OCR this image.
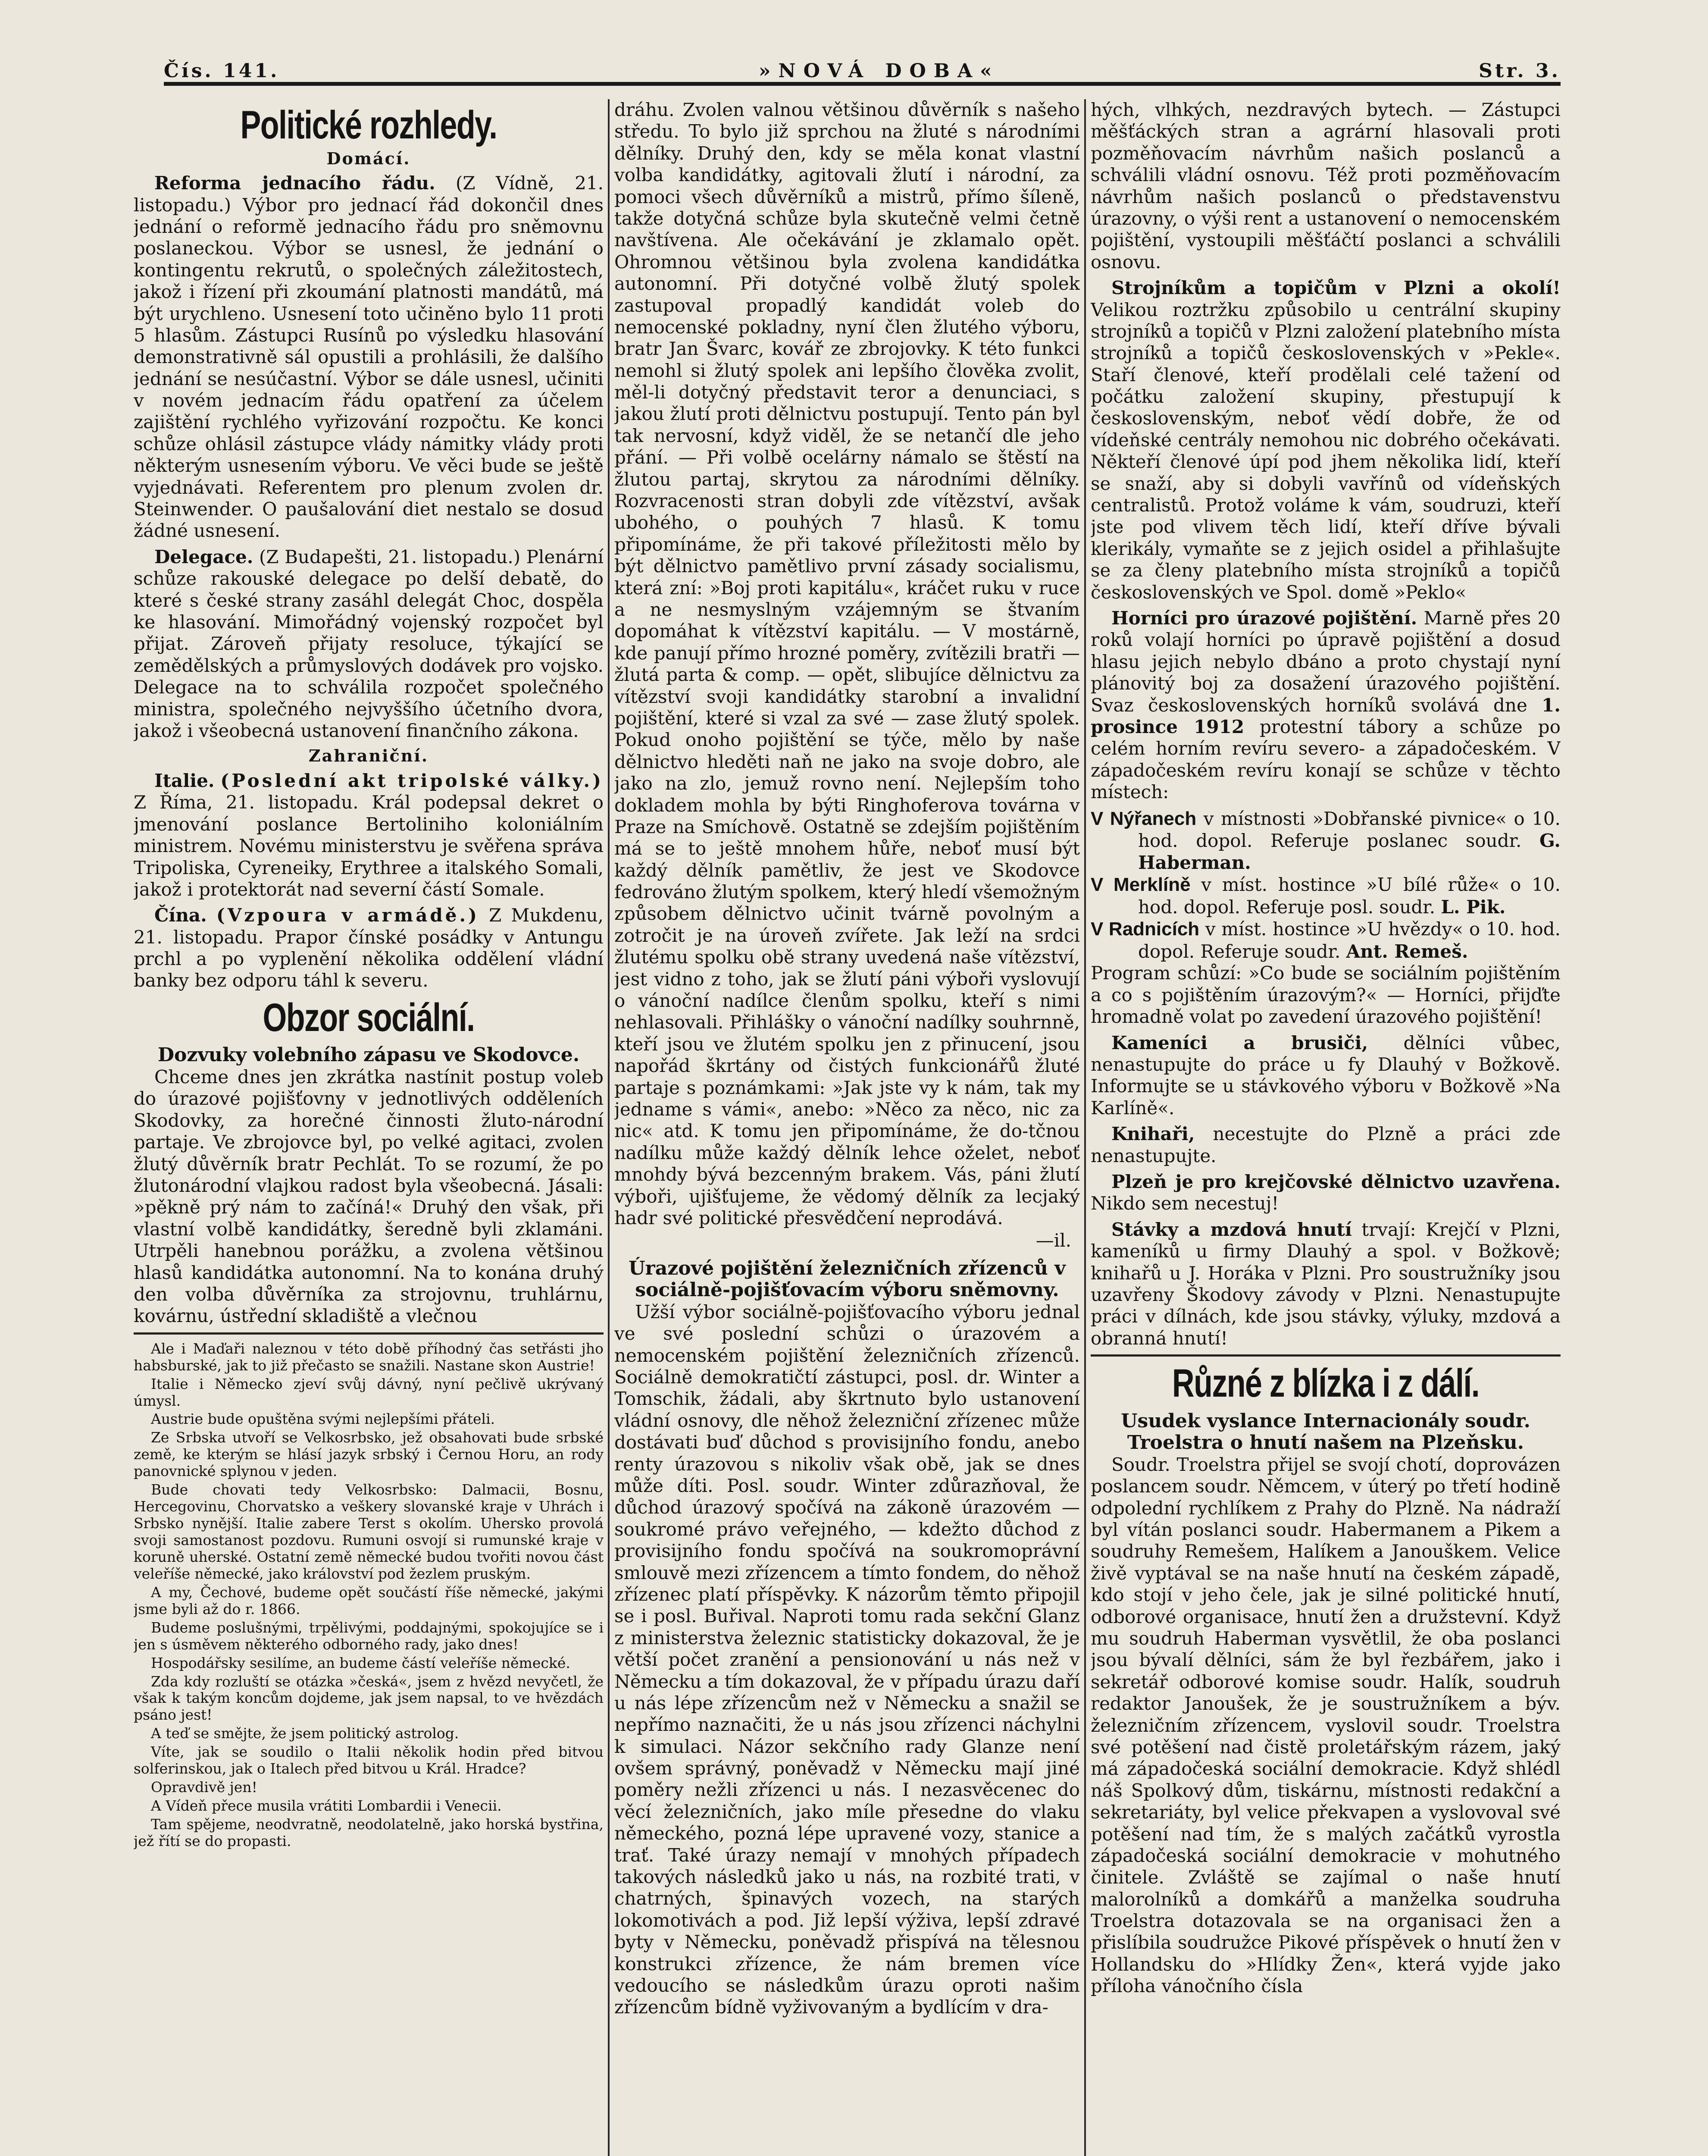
Čís. 141.	»NOVÁ DOBA«	Str. 3.
Politické rozhledy.
Domácí.

Reforma jednacího řádu. (Z Vídně, 21. listopadu.) Výbor pro jednací řád dokončil dnes jednání o reformě jednacího řádu pro sněmovnu poslaneckou. Výbor se usnesl, že jednání o kontingentu rekrutů, o společných záležitostech, jakož i řízení při zkoumání platnosti mandátů, má být urychleno. Usnesení toto učiněno bylo 11 proti 5 hlasům. Zástupci Rusínů po výsledku hlasování demonstrativně sál opustili a prohlásili, že dalšího jednání se nesúčastní. Výbor se dále usnesl, učiniti v novém jednacím řádu opatření za účelem zajištění rychlého vyřizování rozpočtu. Ke konci schůze ohlásil zástupce vlády námitky vlády proti některým usnesením výboru. Ve věci bude se ještě vyjednávati. Referentem pro plenum zvolen dr. Steinwender. O paušalování diet nestalo se dosud žádné usnesení.

Delegace. (Z Budapešti, 21. listopadu.) Plenární schůze rakouské delegace po delší debatě, do které s české strany zasáhl delegát Choc, dospěla ke hlasování. Mimořádný vojenský rozpočet byl přijat. Zároveň přijaty resoluce, týkající se zemědělských a průmyslových dodávek pro vojsko. Delegace na to schválila rozpočet společného ministra, společného nejvyššího účetního dvora, jakož i všeobecná ustanovení finančního zákona.

Zahraniční.

Italie. (Poslední akt tripolské války.) Z Říma, 21. listopadu. Král podepsal dekret o jmenování poslance Bertoliniho koloniálním ministrem. Novému ministerstvu je svěřena správa Tripoliska, Cyreneiky, Erythree a italského Somali, jakož i protektorát nad severní částí Somale.

Čína. (Vzpoura v armádě.) Z Mukdenu, 21. listopadu. Prapor čínské posádky v Antungu prchl a po vyplenění několika oddělení vládní banky bez odporu táhl k severu.

Obzor sociální.
Dozvuky volebního zápasu ve Skodovce.

Chceme dnes jen zkrátka nastínit postup voleb do úrazové pojišťovny v jednotlivých odděleních Skodovky, za horečné činnosti žluto-národní partaje. Ve zbrojovce byl, po velké agitaci, zvolen žlutý důvěrník bratr Pechlát. To se rozumí, že po žlutonárodní vlajkou radost byla všeobecná. Jásali: »pěkně prý nám to začíná!« Druhý den však, při vlastní volbě kandidátky, šeredně byli zklamáni. Utrpěli hanebnou porážku, a zvolena většinou hlasů kandidátka autonomní. Na to konána druhý den volba důvěrníka za strojovnu, truhlárnu, kovárnu, ústřední skladiště a vlečnou

Ale i Maďaři naleznou v této době příhodný čas setřásti jho habsburské, jak to již přečasto se snažili. Nastane skon Austrie!

Italie i Německo zjeví svůj dávný, nyní pečlivě ukrývaný úmysl.

Austrie bude opuštěna svými nejlepšími přáteli.

Ze Srbska utvoří se Velkosrbsko, jež obsahovati bude srbské země, ke kterým se hlásí jazyk srbský i Černou Horu, an rody panovnické splynou v jeden.

Bude chovati tedy Velkosrbsko: Dalmacii, Bosnu, Hercegovinu, Chorvatsko a veškery slovanské kraje v Uhrách i Srbsko nynější. Italie zabere Terst s okolím. Uhersko provolá svoji samostanost pozdovu. Rumuni osvojí si rumunské kraje v koruně uherské. Ostatní země německé budou tvořiti novou část veleříše německé, jako království pod žezlem pruským.

A my, Čechové, budeme opět součástí říše německé, jakými jsme byli až do r. 1866.

Budeme poslušnými, trpělivými, poddajnými, spokojujíce se i jen s úsměvem některého odborného rady, jako dnes!

Hospodářsky sesilíme, an budeme částí veleříše německé.

Zda kdy rozluští se otázka »česká«, jsem z hvězd nevyčetl, že však k takým koncům dojdeme, jak jsem napsal, to ve hvězdách psáno jest!

A teď se smějte, že jsem politický astrolog.

Víte, jak se soudilo o Italii několik hodin před bitvou solferinskou, jak o Italech před bitvou u Král. Hradce?

Opravdivě jen!

A Vídeň přece musila vrátiti Lombardii i Venecii.

Tam spějeme, neodvratně, neodolatelně, jako horská bystřina, jež řítí se do propasti.

dráhu. Zvolen valnou většinou důvěrník s našeho středu. To bylo již sprchou na žluté s národními dělníky. Druhý den, kdy se měla konat vlastní volba kandidátky, agitovali žlutí i národní, za pomoci všech důvěrníků a mistrů, přímo šíleně, takže dotyčná schůze byla skutečně velmi četně navštívena. Ale očekávání je zklamalo opět. Ohromnou většinou byla zvolena kandidátka autonomní. Při dotyčné volbě žlutý spolek zastupoval propadlý kandidát voleb do nemocenské pokladny, nyní člen žlutého výboru, bratr Jan Švarc, kovář ze zbrojovky. K této funkci nemohl si žlutý spolek ani lepšího člověka zvolit, měl-li dotyčný představit teror a denunciaci, s jakou žlutí proti dělnictvu postupují. Tento pán byl tak nervosní, když viděl, že se netančí dle jeho přání. — Při volbě ocelárny námalo se štěstí na žlutou partaj, skrytou za národními dělníky. Rozvracenosti stran dobyli zde vítězství, avšak ubohého, o pouhých 7 hlasů. K tomu připomínáme, že při takové příležitosti mělo by být dělnictvo pamětlivo první zásady socialismu, která zní: »Boj proti kapitálu«, kráčet ruku v ruce a ne nesmyslným vzájemným se štvaním dopomáhat k vítězství kapitálu. — V mostárně, kde panují přímo hrozné poměry, zvítězili bratři — žlutá parta & comp. — opět, slibujíce dělnictvu za vítězství svoji kandidátky starobní a invalidní pojištění, které si vzal za své — zase žlutý spolek. Pokud onoho pojištění se týče, mělo by naše dělnictvo hleděti naň ne jako na svoje dobro, ale jako na zlo, jemuž rovno není. Nejlepším toho dokladem mohla by býti Ringhoferova továrna v Praze na Smíchově. Ostatně se zdejším pojištěním má se to ještě mnohem hůře, neboť musí být každý dělník pamětliv, že jest ve Skodovce fedrováno žlutým spolkem, který hledí všemožným způsobem dělnictvo učinit tvárně povolným a zotročit je na úroveň zvířete. Jak leží na srdci žlutému spolku obě strany uvedená naše vítězství, jest vidno z toho, jak se žlutí páni výboři vyslovují o vánoční nadílce členům spolku, kteří s nimi nehlasovali. Přihlášky o vánoční nadílky souhrnně, kteří jsou ve žlutém spolku jen z přinucení, jsou napořád škrtány od čistých funkcionářů žluté partaje s poznámkami: »Jak jste vy k nám, tak my jedname s vámi«, anebo: »Něco za něco, nic za nic« atd. K tomu jen připomínáme, že do-tčnou nadílku může každý dělník lehce oželet, neboť mnohdy bývá bezcenným brakem. Vás, páni žlutí výboři, ujišťujeme, že vědomý dělník za lecjaký hadr své politické přesvědčení neprodává.

—il.
Úrazové pojištění železničních zřízenců v sociálně-pojišťovacím výboru sněmovny.

Užší výbor sociálně-pojišťovacího výboru jednal ve své poslední schůzi o úrazovém a nemocenském pojištění železničních zřízenců. Sociálně demokratičtí zástupci, posl. dr. Winter a Tomschik, žádali, aby škrtnuto bylo ustanovení vládní osnovy, dle něhož železniční zřízenec může dostávati buď důchod s provisijního fondu, anebo renty úrazovou s nikoliv však obě, jak se dnes může díti. Posl. soudr. Winter zdůrazňoval, že důchod úrazový spočívá na zákoně úrazovém — soukromé právo veřejného, — kdežto důchod z provisijního fondu spočívá na soukromoprávní smlouvě mezi zřízencem a tímto fondem, do něhož zřízenec platí příspěvky. K názorům těmto připojil se i posl. Buřival. Naproti tomu rada sekční Glanz z ministerstva železnic statisticky dokazoval, že je větší počet zranění a pensionování u nás než v Německu a tím dokazoval, že v případu úrazu daří u nás lépe zřízencům než v Německu a snažil se nepřímo naznačiti, že u nás jsou zřízenci náchylni k simulaci. Názor sekčního rady Glanze není ovšem správný, poněvadž v Německu mají jiné poměry nežli zřízenci u nás. I nezasvěcenec do věcí železničních, jako míle přesedne do vlaku německého, pozná lépe upravené vozy, stanice a trať. Také úrazy nemají v mnohých případech takových následků jako u nás, na rozbité trati, v chatrných, špinavých vozech, na starých lokomotivách a pod. Již lepší výživa, lepší zdravé byty v Německu, poněvadž přispívá na tělesnou konstrukci zřízence, že nám bremen více vedoucího se následkům úrazu oproti našim zřízencům bídně vyživovaným a bydlícím v dra-

hých, vlhkých, nezdravých bytech. — Zástupci měšťáckých stran a agrární hlasovali proti pozměňovacím návrhům našich poslanců a schválili vládní osnovu. Též proti pozměňovacím návrhům našich poslanců o představenstvu úrazovny, o výši rent a ustanovení o nemocenském pojištění, vystoupili měšťáčtí poslanci a schválili osnovu.

Strojníkům a topičům v Plzni a okolí! Velikou roztržku způsobilo u centrální skupiny strojníků a topičů v Plzni založení platebního místa strojníků a topičů československých v »Pekle«. Staří členové, kteří prodělali celé tažení od počátku založení skupiny, přestupují k československým, neboť vědí dobře, že od vídeňské centrály nemohou nic dobrého očekávati. Někteří členové úpí pod jhem několika lidí, kteří se snaží, aby si dobyli vavřínů od vídeňských centralistů. Protož voláme k vám, soudruzi, kteří jste pod vlivem těch lidí, kteří dříve bývali klerikály, vymaňte se z jejich osidel a přihlašujte se za členy platebního místa strojníků a topičů československých ve Spol. domě »Peklo«

Horníci pro úrazové pojištění. Marně přes 20 roků volají horníci po úpravě pojištění a dosud hlasu jejich nebylo dbáno a proto chystají nyní plánovitý boj za dosažení úrazového pojištění. Svaz československých horníků svolává dne 1. prosince 1912 protestní tábory a schůze po celém horním revíru severo- a západočeském. V západočeském revíru konají se schůze v těchto místech:

V Nýřanech v místnosti »Dobřanské pivnice« o 10. hod. dopol. Referuje poslanec soudr. G. Haberman.

V Merklíně v míst. hostince »U bílé růže« o 10. hod. dopol. Referuje posl. soudr. L. Pik.

V Radnicích v míst. hostince »U hvězdy« o 10. hod. dopol. Referuje soudr. Ant. Remeš.

Program schůzí: »Co bude se sociálním pojištěním a co s pojištěním úrazovým?« — Horníci, přijďte hromadně volat po zavedení úrazového pojištění!

Kameníci a brusiči, dělníci vůbec, nenastupujte do práce u fy Dlauhý v Božkově. Informujte se u stávkového výboru v Božkově »Na Karlíně«.

Knihaři, necestujte do Plzně a práci zde nenastupujte.

Plzeň je pro krejčovské dělnictvo uzavřena. Nikdo sem necestuj!

Stávky a mzdová hnutí trvají: Krejčí v Plzni, kameníků u firmy Dlauhý a spol. v Božkově; knihařů u J. Horáka v Plzni. Pro soustružníky jsou uzavřeny Škodovy závody v Plzni. Nenastupujte práci v dílnách, kde jsou stávky, výluky, mzdová a obranná hnutí!

Různé z blízka i z dálí.
Usudek vyslance Internacionály soudr. Troelstra o hnutí našem na Plzeňsku.

Soudr. Troelstra přijel se svojí chotí, doprovázen poslancem soudr. Němcem, v úterý po třetí hodině odpolední rychlíkem z Prahy do Plzně. Na nádraží byl vítán poslanci soudr. Habermanem a Pikem a soudruhy Remešem, Halíkem a Janouškem. Velice živě vyptával se na naše hnutí na českém západě, kdo stojí v jeho čele, jak je silné politické hnutí, odborové organisace, hnutí žen a družstevní. Když mu soudruh Haberman vysvětlil, že oba poslanci jsou bývalí dělníci, sám že byl řezbářem, jako i sekretář odborové komise soudr. Halík, soudruh redaktor Janoušek, že je soustružníkem a býv. železničním zřízencem, vyslovil soudr. Troelstra své potěšení nad čistě proletářským rázem, jaký má západočeská sociální demokracie. Když shlédl náš Spolkový dům, tiskárnu, místnosti redakční a sekretariáty, byl velice překvapen a vyslovoval své potěšení nad tím, že s malých začátků vyrostla západočeská sociální demokracie v mohutného činitele. Zvláště se zajímal o naše hnutí malorolníků a domkářů a manželka soudruha Troelstra dotazovala se na organisaci žen a přislíbila soudružce Pikové příspěvek o hnutí žen v Hollandsku do »Hlídky Žen«, která vyjde jako příloha vánočního čísla
